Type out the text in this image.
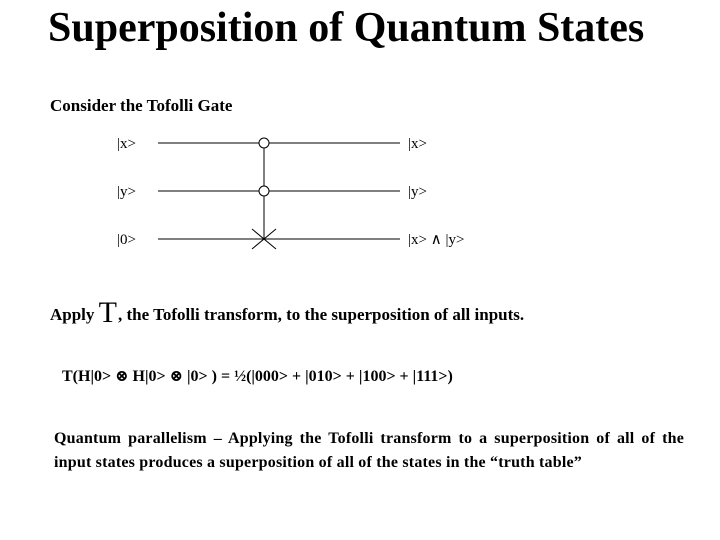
Superposition of Quantum States
Consider the Tofolli Gate
|x>
|y>
|0>
|x>
|y>
|x> ∧ |y>
Apply T, the Tofolli transform, to the superposition of all inputs.
T(H|0> ⊗ H|0> ⊗ |0> ) = ½(|000> + |010> + |100> + |111>)
Quantum parallelism – Applying the Tofolli transform to a superposition of all of the input states produces a superposition of all of the states in the “truth table”
